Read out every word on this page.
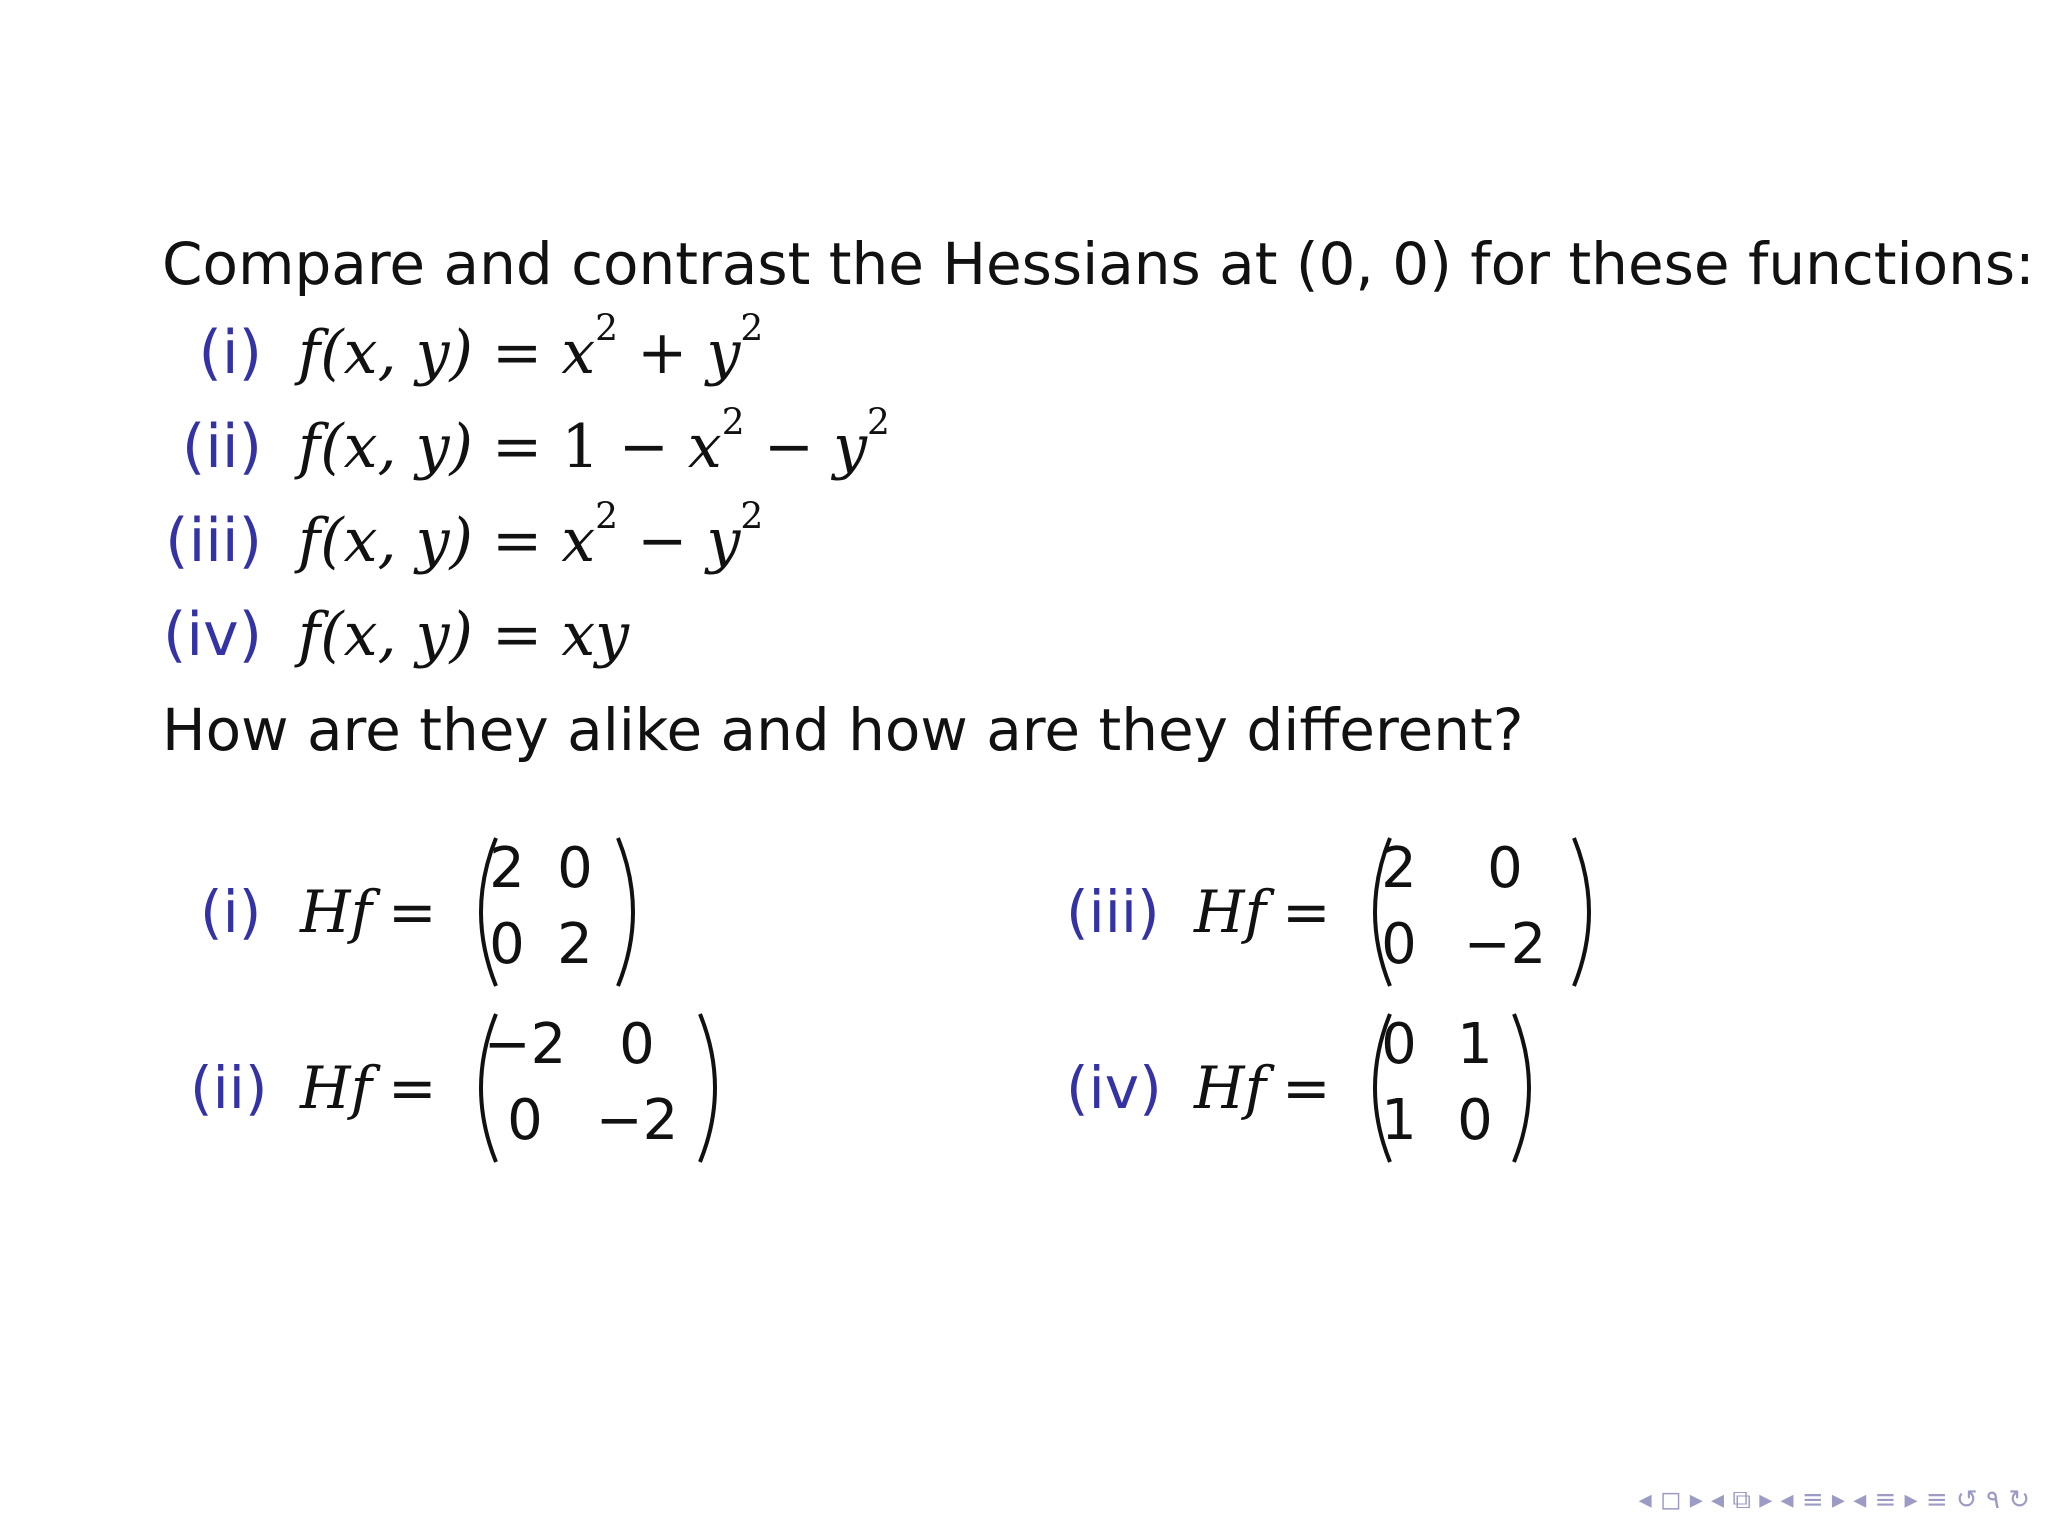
Compare and contrast the Hessians at (0, 0) for these functions:
(i) f(x, $y) = x^2 + y^2$
(ii) f(x, $y) = 1 - x^2 - y^2$
(iii) f(x, $y) = x^2 - y^2$
(iv) f(x, y) = xy
How are they alike and how are they different?
(i) Hf =
2 0
0 2
(ii) Hf =
−2 0
0 −2
(iii) Hf =
2	0
0 −2
(iv) Hf =
0 1
1 0
◂ ◻ ▸ ◂ ⧉ ▸ ◂ ≡ ▸ ◂ ≡ ▸ ≡ ↺ ۹ ↻
